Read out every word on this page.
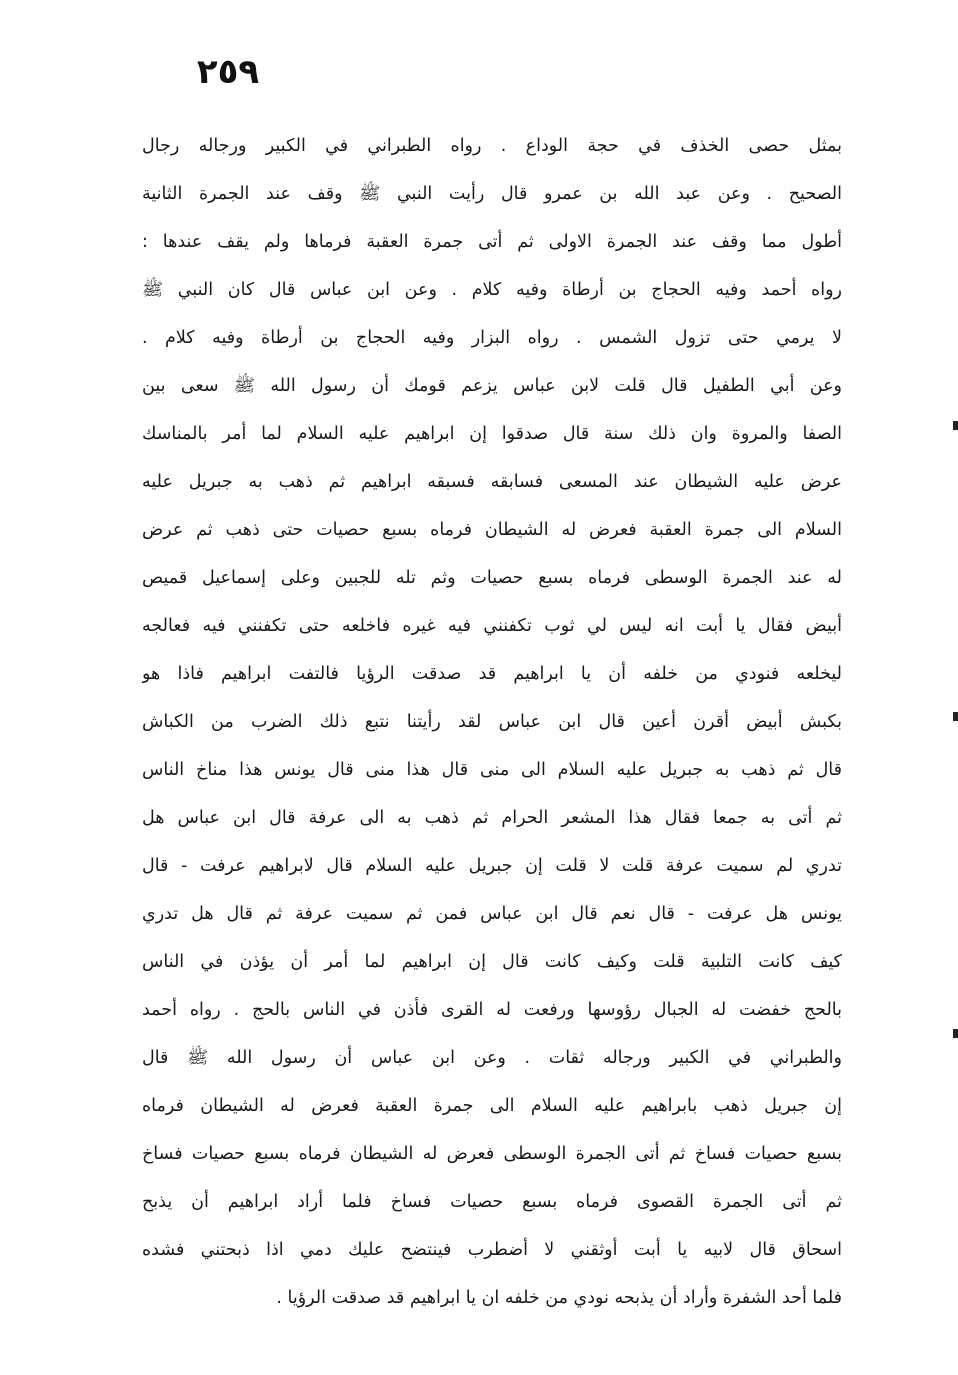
٢٥٩
بمثل حصى الخذف في حجة الوداع . رواه الطبراني في الكبير ورجاله رجال
الصحيح . وعن عبد الله بن عمرو قال رأيت النبي ﷺ وقف عند الجمرة الثانية
أطول مما وقف عند الجمرة الاولى ثم أتى جمرة العقبة فرماها ولم يقف عندها :
رواه أحمد وفيه الحجاج بن أرطاة وفيه كلام . وعن ابن عباس قال كان النبي ﷺ
لا يرمي حتى تزول الشمس . رواه البزار وفيه الحجاج بن أرطاة وفيه كلام .
وعن أبي الطفيل قال قلت لابن عباس يزعم قومك أن رسول الله ﷺ سعى بين
الصفا والمروة وان ذلك سنة قال صدقوا إن ابراهيم عليه السلام لما أمر بالمناسك
عرض عليه الشيطان عند المسعى فسابقه فسبقه ابراهيم ثم ذهب به جبريل عليه
السلام الى جمرة العقبة فعرض له الشيطان فرماه بسبع حصيات حتى ذهب ثم عرض
له عند الجمرة الوسطى فرماه بسبع حصيات وثم تله للجبين وعلى إسماعيل قميص
أبيض فقال يا أبت انه ليس لي ثوب تكفنني فيه غيره فاخلعه حتى تكفنني فيه فعالجه
ليخلعه فنودي من خلفه أن يا ابراهيم قد صدقت الرؤيا فالتفت ابراهيم فاذا هو
بكبش أبيض أقرن أعين قال ابن عباس لقد رأيتنا نتبع ذلك الضرب من الكباش
قال ثم ذهب به جبريل عليه السلام الى منى قال هذا منى قال يونس هذا مناخ الناس
ثم أتى به جمعا فقال هذا المشعر الحرام ثم ذهب به الى عرفة قال ابن عباس هل
تدري لم سميت عرفة قلت لا قلت إن جبريل عليه السلام قال لابراهيم عرفت - قال
يونس هل عرفت - قال نعم قال ابن عباس فمن ثم سميت عرفة ثم قال هل تدري
كيف كانت التلبية قلت وكيف كانت قال إن ابراهيم لما أمر أن يؤذن في الناس
بالحج خفضت له الجبال رؤوسها ورفعت له القرى فأذن في الناس بالحج . رواه أحمد
والطبراني في الكبير ورجاله ثقات . وعن ابن عباس أن رسول الله ﷺ قال
إن جبريل ذهب بابراهيم عليه السلام الى جمرة العقبة فعرض له الشيطان فرماه
بسبع حصيات فساخ ثم أتى الجمرة الوسطى فعرض له الشيطان فرماه بسبع حصيات فساخ
ثم أتى الجمرة القصوى فرماه بسبع حصيات فساخ فلما أراد ابراهيم أن يذبح
اسحاق قال لابيه يا أبت أوثقني لا أضطرب فينتضح عليك دمي اذا ذبحتني فشده
فلما أحد الشفرة وأراد أن يذبحه نودي من خلفه ان يا ابراهيم قد صدقت الرؤيا .
